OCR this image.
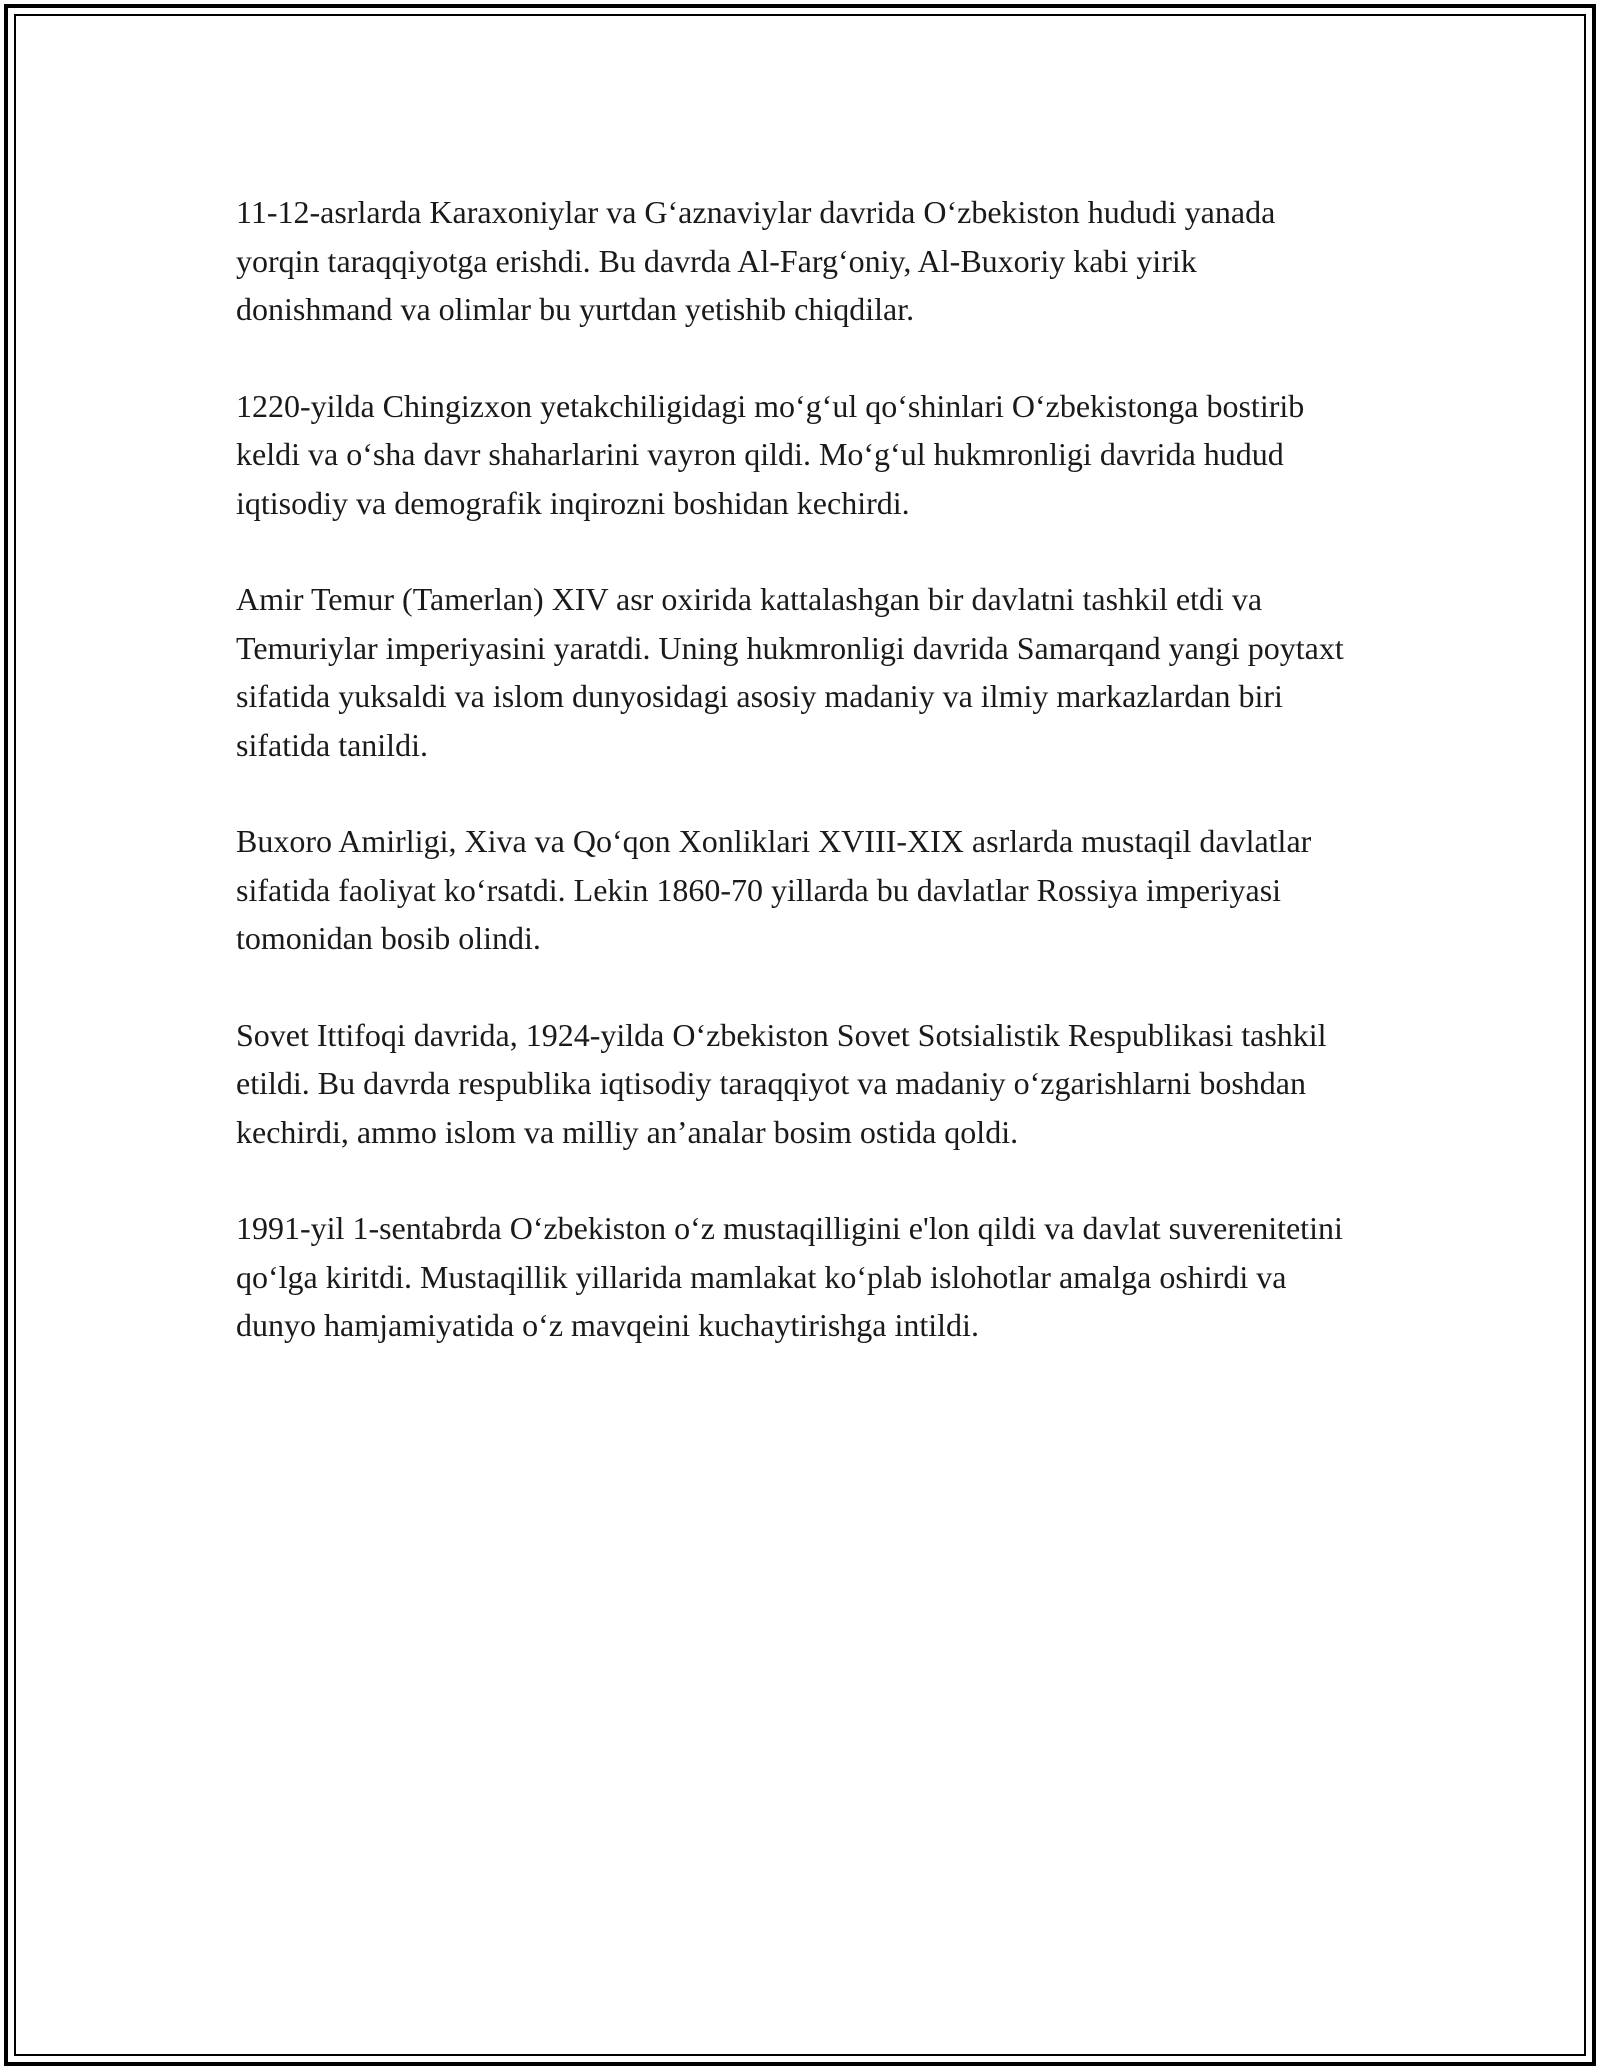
11-12-asrlarda Karaxoniylar va G‘aznaviylar davrida O‘zbekiston hududi yanada yorqin taraqqiyotga erishdi. Bu davrda Al-Farg‘oniy, Al-Buxoriy kabi yirik donishmand va olimlar bu yurtdan yetishib chiqdilar.

1220-yilda Chingizxon yetakchiligidagi mo‘g‘ul qo‘shinlari O‘zbekistonga bostirib keldi va o‘sha davr shaharlarini vayron qildi. Mo‘g‘ul hukmronligi davrida hudud iqtisodiy va demografik inqirozni boshidan kechirdi.

Amir Temur (Tamerlan) XIV asr oxirida kattalashgan bir davlatni tashkil etdi va Temuriylar imperiyasini yaratdi. Uning hukmronligi davrida Samarqand yangi poytaxt sifatida yuksaldi va islom dunyosidagi asosiy madaniy va ilmiy markazlardan biri sifatida tanildi.

Buxoro Amirligi, Xiva va Qo‘qon Xonliklari XVIII-XIX asrlarda mustaqil davlatlar sifatida faoliyat ko‘rsatdi. Lekin 1860-70 yillarda bu davlatlar Rossiya imperiyasi tomonidan bosib olindi.

Sovet Ittifoqi davrida, 1924-yilda O‘zbekiston Sovet Sotsialistik Respublikasi tashkil etildi. Bu davrda respublika iqtisodiy taraqqiyot va madaniy o‘zgarishlarni boshdan kechirdi, ammo islom va milliy an’analar bosim ostida qoldi.

1991-yil 1-sentabrda O‘zbekiston o‘z mustaqilligini e'lon qildi va davlat suverenitetini qo‘lga kiritdi. Mustaqillik yillarida mamlakat ko‘plab islohotlar amalga oshirdi va dunyo hamjamiyatida o‘z mavqeini kuchaytirishga intildi.
